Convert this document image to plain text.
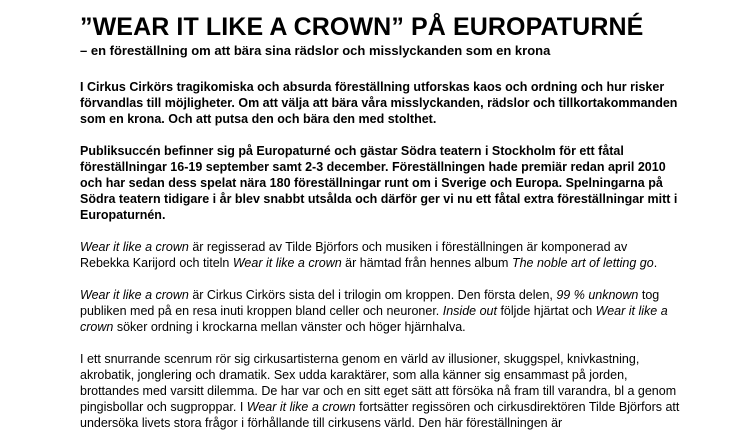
”WEAR IT LIKE A CROWN” PÅ EUROPATURNÉ
– en föreställning om att bära sina rädslor och misslyckanden som en krona

I Cirkus Cirkörs tragikomiska och absurda föreställning utforskas kaos och ordning och hur risker förvandlas till möjligheter. Om att välja att bära våra misslyckanden, rädslor och tillkortakommanden som en krona. Och att putsa den och bära den med stolthet.

Publiksuccén befinner sig på Europaturné och gästar Södra teatern i Stockholm för ett fåtal föreställningar 16-19 september samt 2-3 december. Föreställningen hade premiär redan april 2010 och har sedan dess spelat nära 180 föreställningar runt om i Sverige och Europa. Spelningarna på Södra teatern tidigare i år blev snabbt utsålda och därför ger vi nu ett fåtal extra föreställningar mitt i Europaturnén.

Wear it like a crown är regisserad av Tilde Björfors och musiken i föreställningen är komponerad av Rebekka Karijord och titeln Wear it like a crown är hämtad från hennes album The noble art of letting go.

Wear it like a crown är Cirkus Cirkörs sista del i trilogin om kroppen. Den första delen, 99 % unknown tog publiken med på en resa inuti kroppen bland celler och neuroner. Inside out följde hjärtat och Wear it like a crown söker ordning i krockarna mellan vänster och höger hjärnhalva.

I ett snurrande scenrum rör sig cirkusartisterna genom en värld av illusioner, skuggspel, knivkastning, akrobatik, jonglering och dramatik. Sex udda karaktärer, som alla känner sig ensammast på jorden, brottandes med varsitt dilemma. De har var och en sitt eget sätt att försöka nå fram till varandra, bl a genom pingisbollar och sugproppar. I Wear it like a crown fortsätter regissören och cirkusdirektören Tilde Björfors att undersöka livets stora frågor i förhållande till cirkusens värld. Den här föreställningen är
